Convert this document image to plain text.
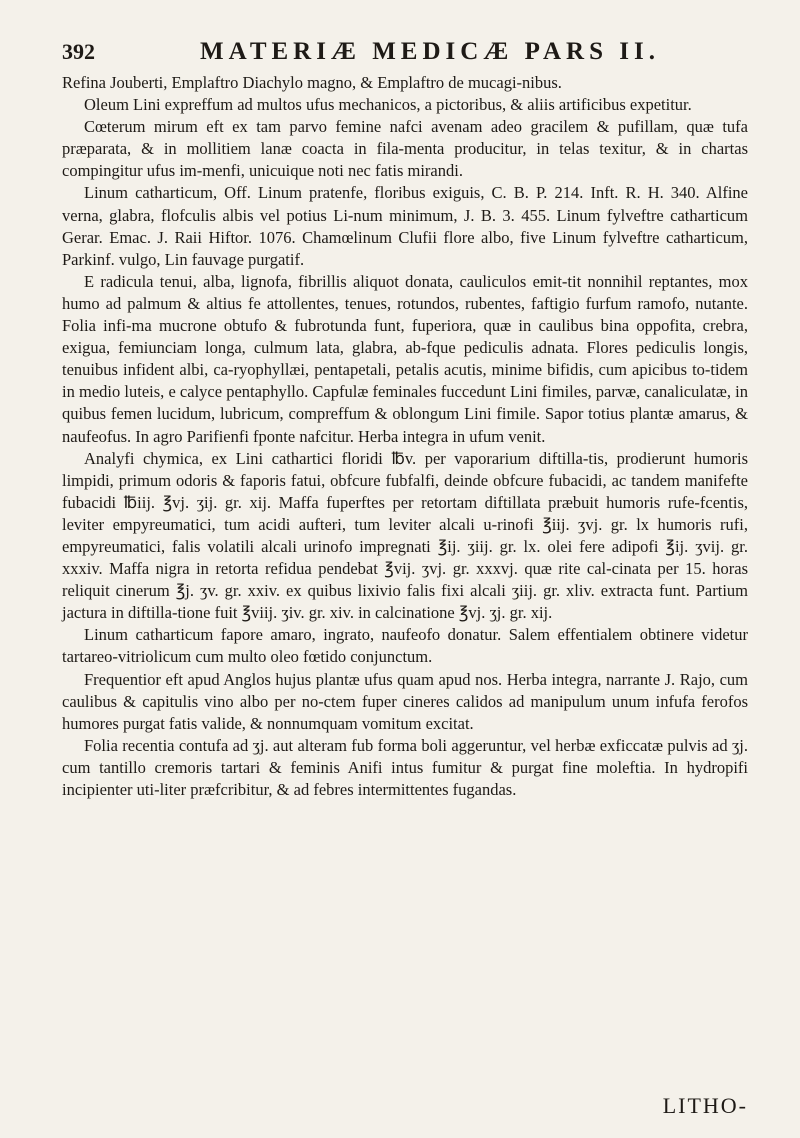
392	MATERIÆ MEDICÆ PARS II.

Refina Jouberti, Emplaftro Diachylo magno, & Emplaftro de mucagi-nibus.

Oleum Lini expreffum ad multos ufus mechanicos, a pictoribus, & aliis artificibus expetitur.

Cœterum mirum eft ex tam parvo femine nafci avenam adeo gracilem & pufillam, quæ tufa præparata, & in mollitiem lanæ coacta in fila-menta producitur, in telas texitur, & in chartas compingitur ufus im-menfi, unicuique noti nec fatis mirandi.

Linum catharticum, Off. Linum pratenfe, floribus exiguis, C. B. P. 214. Inft. R. H. 340. Alfine verna, glabra, flofculis albis vel potius Li-num minimum, J. B. 3. 455. Linum fylveftre catharticum Gerar. Emac. J. Raii Hiftor. 1076. Chamœlinum Clufii flore albo, five Linum fylveftre catharticum, Parkinf. vulgo, Lin fauvage purgatif.

E radicula tenui, alba, lignofa, fibrillis aliquot donata, cauliculos emit-tit nonnihil reptantes, mox humo ad palmum & altius fe attollentes, tenues, rotundos, rubentes, faftigio furfum ramofo, nutante. Folia infi-ma mucrone obtufo & fubrotunda funt, fuperiora, quæ in caulibus bina oppofita, crebra, exigua, femiunciam longa, culmum lata, glabra, ab-fque pediculis adnata. Flores pediculis longis, tenuibus infident albi, ca-ryophyllæi, pentapetali, petalis acutis, minime bifidis, cum apicibus to-tidem in medio luteis, e calyce pentaphyllo. Capfulæ feminales fuccedunt Lini fimiles, parvæ, canaliculatæ, in quibus femen lucidum, lubricum, compreffum & oblongum Lini fimile. Sapor totius plantæ amarus, & naufeofus. In agro Parifienfi fponte nafcitur. Herba integra in ufum venit.

Analyfi chymica, ex Lini cathartici floridi ℔v. per vaporarium diftilla-tis, prodierunt humoris limpidi, primum odoris & faporis fatui, obfcure fubfalfi, deinde obfcure fubacidi, ac tandem manifefte fubacidi ℔iij. ℥vj. ʒij. gr. xij. Maffa fuperftes per retortam diftillata præbuit humoris rufe-fcentis, leviter empyreumatici, tum acidi aufteri, tum leviter alcali u-rinofi ℥iij. ʒvj. gr. lx humoris rufi, empyreumatici, falis volatili alcali urinofo impregnati ℥ij. ʒiij. gr. lx. olei fere adipofi ℥ij. ʒvij. gr. xxxiv. Maffa nigra in retorta refidua pendebat ℥vij. ʒvj. gr. xxxvj. quæ rite cal-cinata per 15. horas reliquit cinerum ℥j. ʒv. gr. xxiv. ex quibus lixivio falis fixi alcali ʒiij. gr. xliv. extracta funt. Partium jactura in diftilla-tione fuit ℥viij. ʒiv. gr. xiv. in calcinatione ℥vj. ʒj. gr. xij.

Linum catharticum fapore amaro, ingrato, naufeofo donatur. Salem effentialem obtinere videtur tartareo-vitriolicum cum multo oleo fœtido conjunctum.

Frequentior eft apud Anglos hujus plantæ ufus quam apud nos. Herba integra, narrante J. Rajo, cum caulibus & capitulis vino albo per no-ctem fuper cineres calidos ad manipulum unum infufa ferofos humores purgat fatis valide, & nonnumquam vomitum excitat.

Folia recentia contufa ad ʒj. aut alteram fub forma boli aggeruntur, vel herbæ exficcatæ pulvis ad ʒj. cum tantillo cremoris tartari & feminis Anifi intus fumitur & purgat fine moleftia. In hydropifi incipienter uti-liter præfcribitur, & ad febres intermittentes fugandas.

LITHO-
